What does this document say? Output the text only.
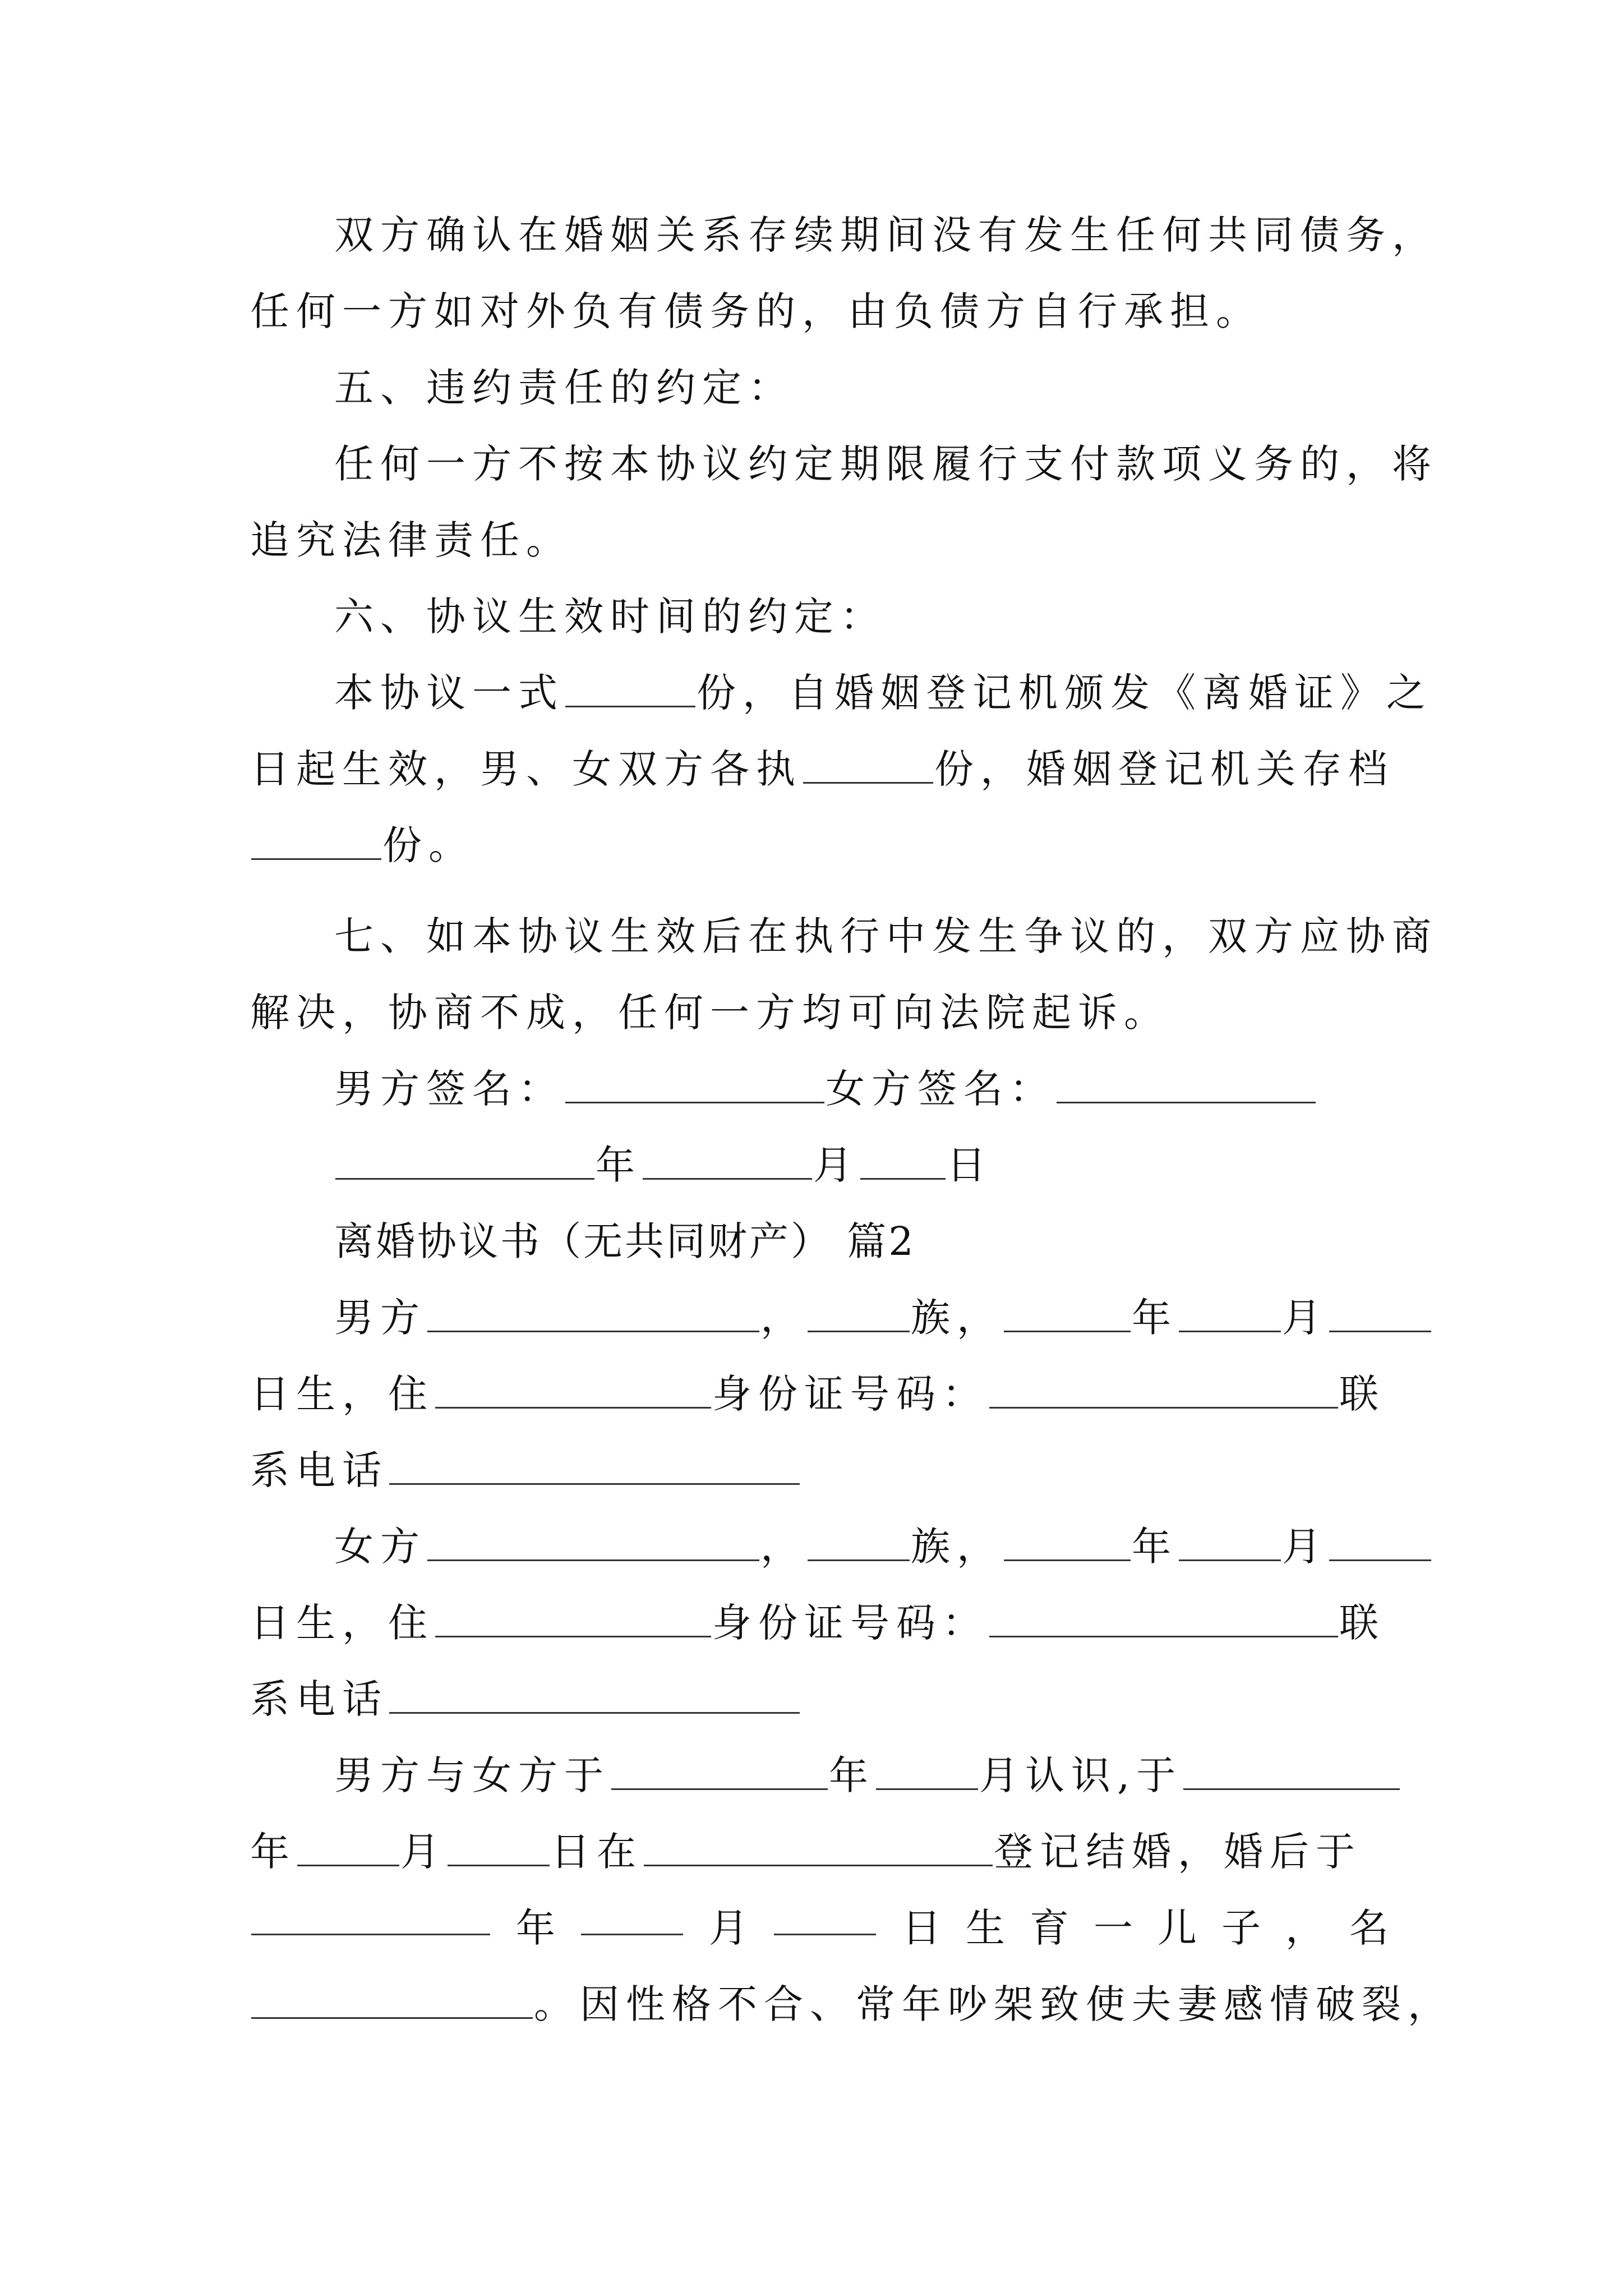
双方确认在婚姻关系存续期间没有发生任何共同债务，
任何一方如对外负有债务的，由负债方自行承担。
五、违约责任的约定：
任何一方不按本协议约定期限履行支付款项义务的，将
追究法律责任。
六、协议生效时间的约定：
本协议一式	份，自婚姻登记机颁发《离婚证》之
日起生效，男、女双方各执	份，婚姻登记机关存档
份。
七、如本协议生效后在执行中发生争议的，双方应协商
解决，协商不成，任何一方均可向法院起诉。
男方签名：	女方签名：
年	月 日
离婚协议书（无共同财产） 篇2
男方	，	族，	年	月
日生，住	身份证号码：	联
系电话
女方	，	族，	年	月
日生，住	身份证号码：	联
系电话
男方与女方于	年	月认识,于
年	月	日在	登记结婚，婚后于
年	月	日 生 育 一 儿 子 ， 名
。因性格不合、常年吵架致使夫妻感情破裂，
